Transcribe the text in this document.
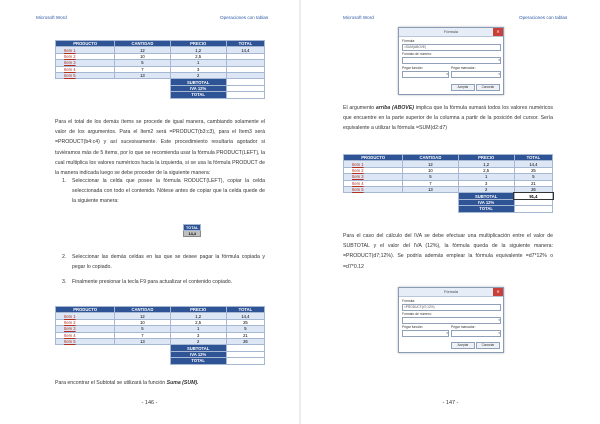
Microsoft Word	Operaciones con tablas
PRODUCTO	CANTIDAD	PRECIO	TOTAL
Item 1	12	1,2	14,4
Item 2	10	2,5	
Item 3	5	1	
Item 4	7	3	
Item 5	13	2	
		SUBTOTAL	
		IVA 12%	
		TOTAL	
Para el total de los demás ítems se procede de igual manera, cambiando solamente el valor de los argumentos. Para el Item2 será =PRODUCT(b3:c3), para el Item3 será =PRODUCT(b4:c4) y así sucesivamente. Este procedimiento resultaría agotador si tuviéramos más de 5 ítems, por lo que se recomienda usar la fórmula PRODUCT(LEFT), la cual multiplica los valores numéricos hacia la izquierda, si se usa la fórmula PRODUCT de la manera indicada luego se debe proceder de la siguiente manera:
1. Seleccionar la celda que posee la fórmula RODUCT(LEFT), copiar la celda seleccionada con todo el contenido. Nótese antes de copiar que la celda quede de la siguiente manera:
TOTAL
14,4
2. Seleccionar las demás celdas en las que se desee pagar la fórmula copiada y pegar lo copiado.
3. Finalmente presionar la tecla F9 para actualizar el contenido copiado.
PRODUCTO	CANTIDAD	PRECIO	TOTAL
Item 1	12	1,2	14,4
Item 2	10	2,5	25
Item 3	5	1	5
Item 4	7	3	21
Item 5	13	2	26
		SUBTOTAL	
		IVA 12%	
		TOTAL	
Para encontrar el Subtotal se utilizará la función Suma (SUM).
- 146 -
Microsoft Word	Operaciones con tablas
Fórmula	✕
Fórmula:
=SUM(ABOVE)
Formato de número:
▾
Pegar función:	Pegar marcador:
▾	▾
Aceptar	Cancelar
El argumento arriba (ABOVE) implica que la fórmula sumará todos los valores numéricos que encuentre en la parte superior de la columna a partir de la posición del cursor. Sería equivalente a utilizar la fórmula =SUM(d2:d7)
PRODUCTO	CANTIDAD	PRECIO	TOTAL
Item 1	12	1,2	14,4
Item 2	10	2,5	25
Item 3	5	1	5
Item 4	7	3	21
Item 5	13	2	26
		SUBTOTAL	91,4
		IVA 12%	
		TOTAL	
Para el caso del cálculo del IVA se debe efectuar una multiplicación entre el valor de SUBTOTAL y el valor del IVA (12%), la fórmula queda de la siguiente manera: =PRODUCT(d7;12%). Se podría además emplear la fórmula equivalente =d7*12% o =d7*0.12
Fórmula	✕
Fórmula:
=PRODUCT(d7;12%)
Formato de número:
▾
Pegar función:	Pegar marcador:
▾	▾
Aceptar	Cancelar
- 147 -
